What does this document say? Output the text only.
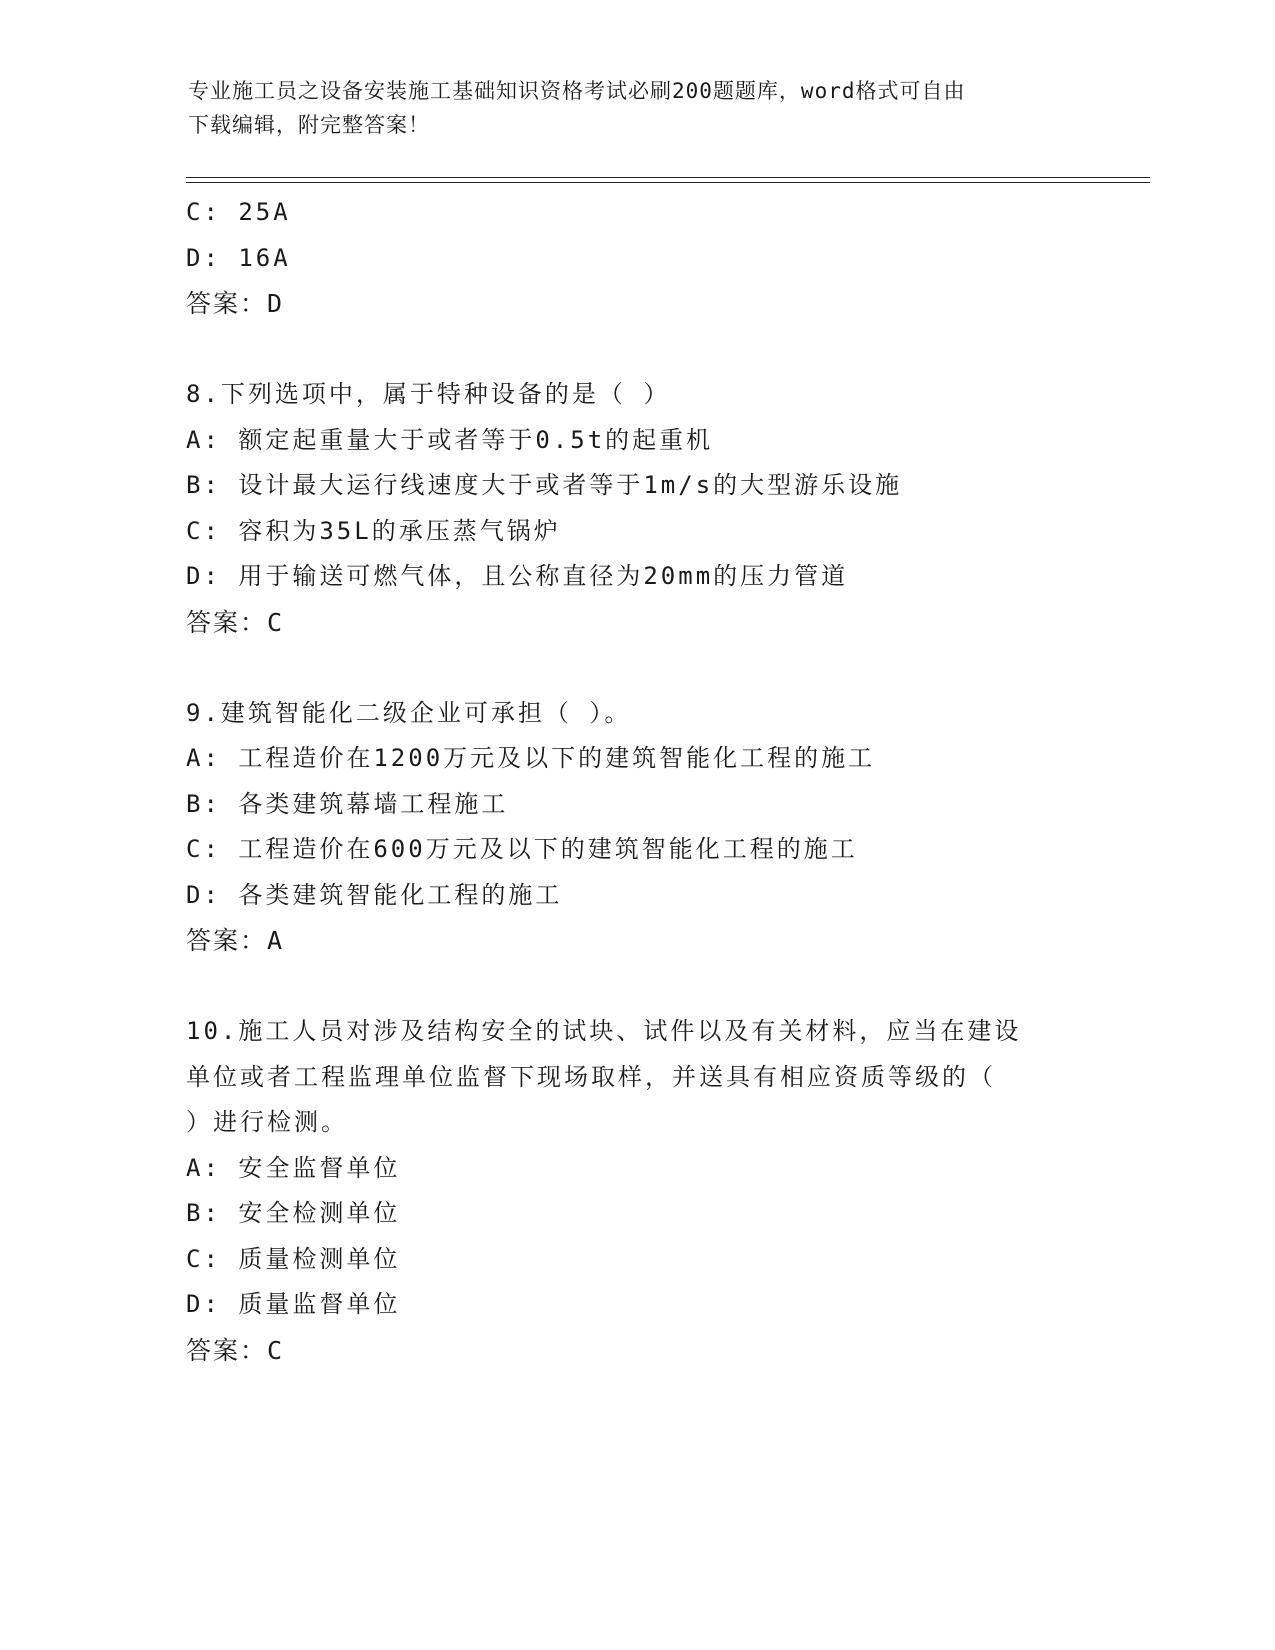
专业施工员之设备安装施工基础知识资格考试必刷200题题库，word格式可自由
下载编辑，附完整答案！
C: 25A
D: 16A
答案：D
8.下列选项中，属于特种设备的是（ ）
A: 额定起重量大于或者等于0.5t的起重机
B: 设计最大运行线速度大于或者等于1m/s的大型游乐设施
C: 容积为35L的承压蒸气锅炉
D: 用于输送可燃气体，且公称直径为20mm的压力管道
答案：C
9.建筑智能化二级企业可承担（ ）。
A: 工程造价在1200万元及以下的建筑智能化工程的施工
B: 各类建筑幕墙工程施工
C: 工程造价在600万元及以下的建筑智能化工程的施工
D: 各类建筑智能化工程的施工
答案：A
10.施工人员对涉及结构安全的试块、试件以及有关材料，应当在建设
单位或者工程监理单位监督下现场取样，并送具有相应资质等级的（
）进行检测。
A: 安全监督单位
B: 安全检测单位
C: 质量检测单位
D: 质量监督单位
答案：C
